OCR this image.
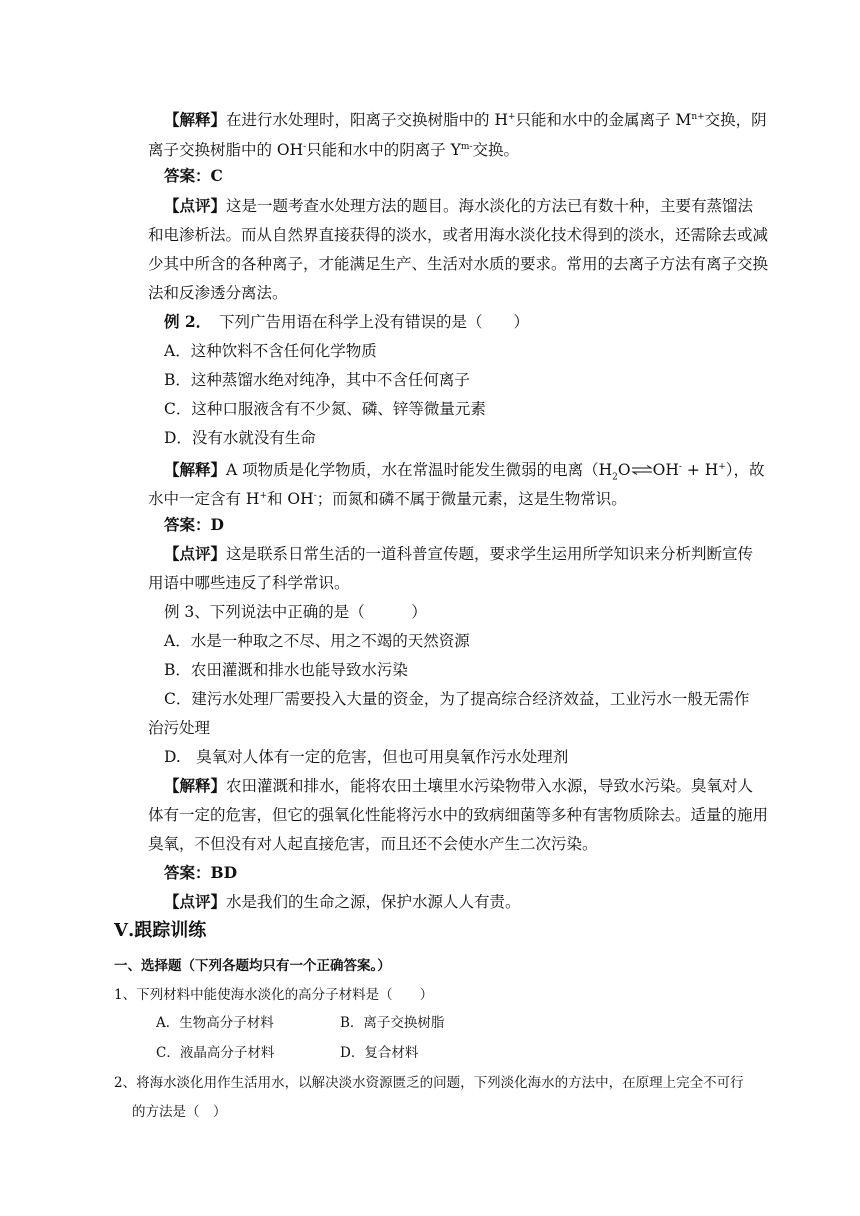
【解释】在进行水处理时，阳离子交换树脂中的 H+只能和水中的金属离子 $M^{n+}$交换，阴

离子交换树脂中的 OH-只能和水中的阴离子 $Y^{m-}$交换。

答案：C

【点评】这是一题考查水处理方法的题目。海水淡化的方法已有数十种，主要有蒸馏法

和电渗析法。而从自然界直接获得的淡水，或者用海水淡化技术得到的淡水，还需除去或减

少其中所含的各种离子，才能满足生产、生活对水质的要求。常用的去离子方法有离子交换

法和反渗透分离法。

例 2．　 下列广告用语在科学上没有错误的是（　　）

A．这种饮料不含任何化学物质

B．这种蒸馏水绝对纯净，其中不含任何离子

C．这种口服液含有不少氮、磷、锌等微量元素

D．没有水就没有生命

【解释】A 项物质是化学物质，水在常温时能发生微弱的电离$(H_2O\rightleftharpoons OH^- + H^+)$，故

水中一定含有 H+和 OH-；而氮和磷不属于微量元素，这是生物常识。

答案：D

【点评】这是联系日常生活的一道科普宣传题，要求学生运用所学知识来分析判断宣传

用语中哪些违反了科学常识。

例 3、下列说法中正确的是（　　　）

A．水是一种取之不尽、用之不竭的天然资源

B．农田灌溉和排水也能导致水污染

C．建污水处理厂需要投入大量的资金，为了提高综合经济效益，工业污水一般无需作

治污处理

D.　臭氧对人体有一定的危害，但也可用臭氧作污水处理剂

【解释】农田灌溉和排水，能将农田土壤里水污染物带入水源，导致水污染。臭氧对人

体有一定的危害，但它的强氧化性能将污水中的致病细菌等多种有害物质除去。适量的施用

臭氧，不但没有对人起直接危害，而且还不会使水产生二次污染。

答案：BD

【点评】水是我们的生命之源，保护水源人人有责。

Ⅴ.跟踪训练

一、选择题（下列各题均只有一个正确答案。）

1、下列材料中能使海水淡化的高分子材料是（　　）

A．生物高分子材料	B．离子交换树脂
C．液晶高分子材料	D．复合材料

2、将海水淡化用作生活用水，以解决淡水资源匮乏的问题，下列淡化海水的方法中，在原理上完全不可行

的方法是（　）
